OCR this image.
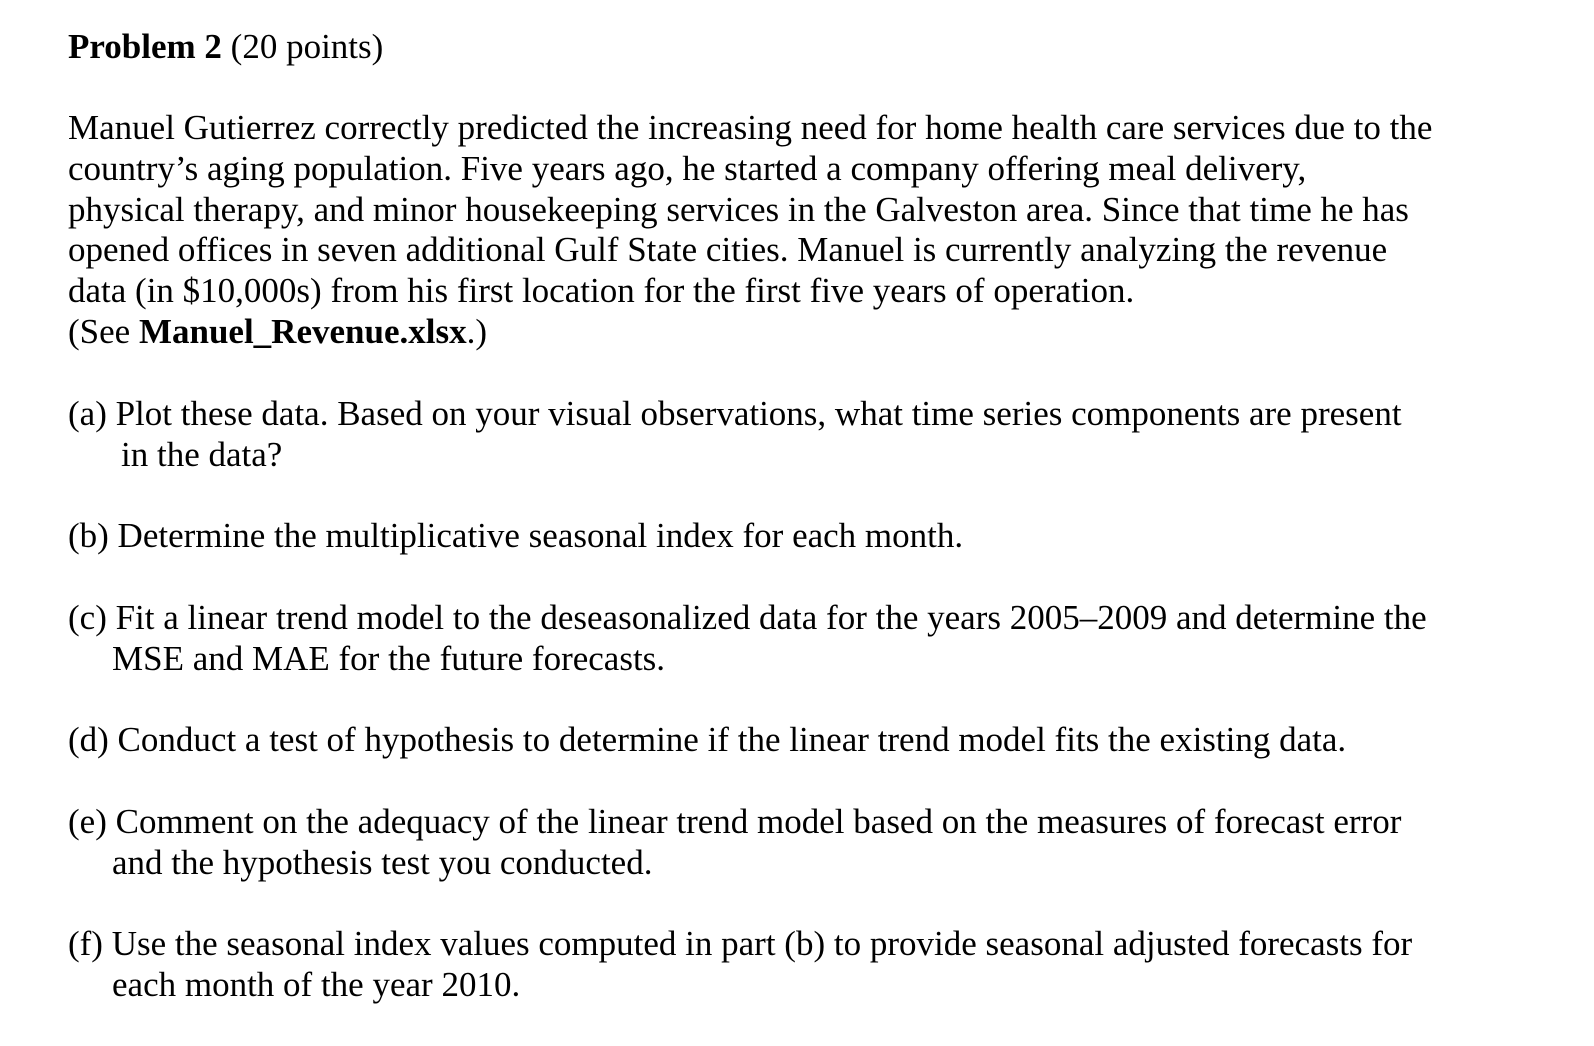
Problem 2 (20 points)
Manuel Gutierrez correctly predicted the increasing need for home health care services due to the
country’s aging population. Five years ago, he started a company offering meal delivery,
physical therapy, and minor housekeeping services in the Galveston area. Since that time he has
opened offices in seven additional Gulf State cities. Manuel is currently analyzing the revenue
data (in $10,000s) from his first location for the first five years of operation.
(See Manuel_Revenue.xlsx.)
(a) Plot these data. Based on your visual observations, what time series components are present
in the data?
(b) Determine the multiplicative seasonal index for each month.
(c) Fit a linear trend model to the deseasonalized data for the years 2005–2009 and determine the
MSE and MAE for the future forecasts.
(d) Conduct a test of hypothesis to determine if the linear trend model fits the existing data.
(e) Comment on the adequacy of the linear trend model based on the measures of forecast error
and the hypothesis test you conducted.
(f) Use the seasonal index values computed in part (b) to provide seasonal adjusted forecasts for
each month of the year 2010.
